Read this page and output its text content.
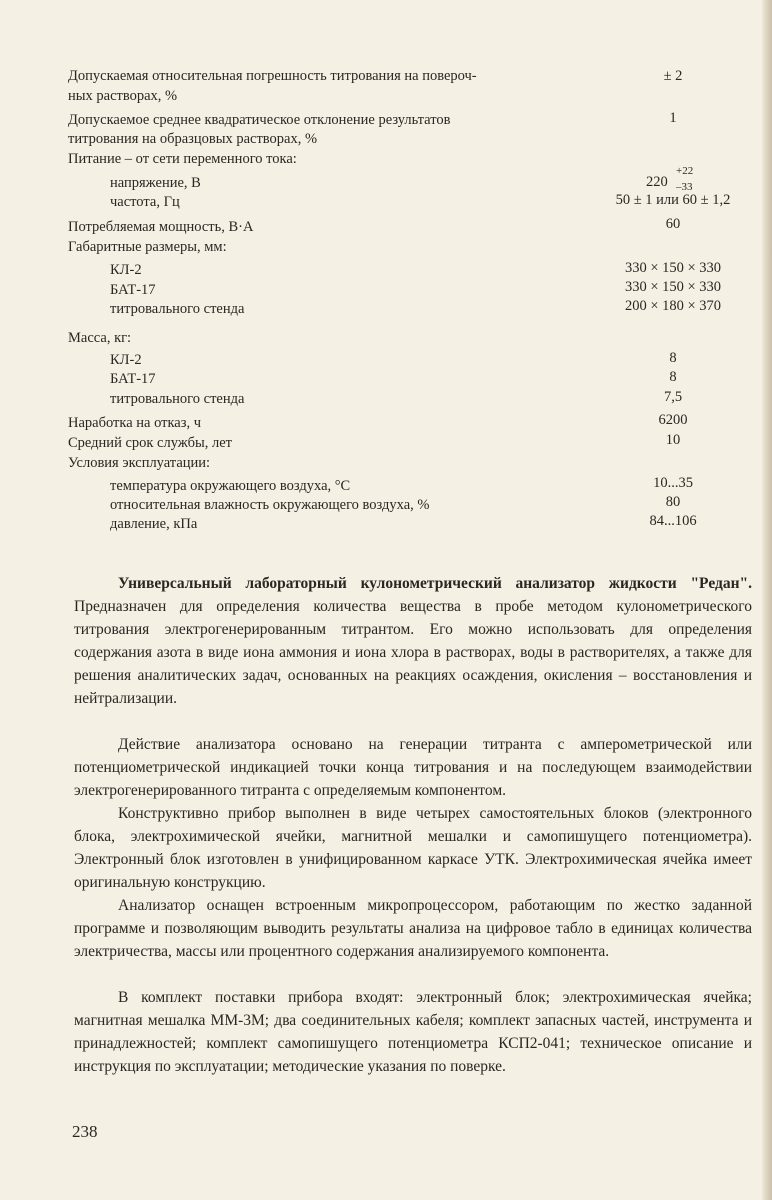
Допускаемая относительная погрешность титрования на повероч-
ных растворах, %
± 2
Допускаемое среднее квадратическое отклонение результатов
титрования на образцовых растворах, %
1
Питание – от сети переменного тока:
напряжение, В	220
+22
–33
частота, Гц	50 ± 1 или 60 ± 1,2
Потребляемая мощность, В·А	60
Габаритные размеры, мм:
КЛ-2	330 × 150 × 330
БАТ-17	330 × 150 × 330
титровального стенда	200 × 180 × 370
Масса, кг:
КЛ-2	8
БАТ-17	8
титровального стенда	7,5
Наработка на отказ, ч	6200
Средний срок службы, лет	10
Условия эксплуатации:
температура окружающего воздуха, °С	10...35
относительная влажность окружающего воздуха, %	80
давление, кПа	84...106

Универсальный лабораторный кулонометрический анализатор жидкости "Редан". Предназначен для определения количества вещества в пробе методом кулонометрического титрования электрогенерированным титрантом. Его можно использовать для определения содержания азота в виде иона аммония и иона хлора в растворах, воды в растворителях, а также для решения аналитических задач, основанных на реакциях осаждения, окисления – восстановления и нейтрализации.

Действие анализатора основано на генерации титранта с амперометрической или потенциометрической индикацией точки конца титрования и на последующем взаимодействии электрогенерированного титранта с определяемым компонентом.

Конструктивно прибор выполнен в виде четырех самостоятельных блоков (электронного блока, электрохимической ячейки, магнитной мешалки и самопишущего потенциометра). Электронный блок изготовлен в унифицированном каркасе УТК. Электрохимическая ячейка имеет оригинальную конструкцию.

Анализатор оснащен встроенным микропроцессором, работающим по жестко заданной программе и позволяющим выводить результаты анализа на цифровое табло в единицах количества электричества, массы или процентного содержания анализируемого компонента.

В комплект поставки прибора входят: электронный блок; электрохимическая ячейка; магнитная мешалка ММ-3М; два соединительных кабеля; комплект запасных частей, инструмента и принадлежностей; комплект самопишущего потенциометра КСП2-041; техническое описание и инструкция по эксплуатации; методические указания по поверке.

238
